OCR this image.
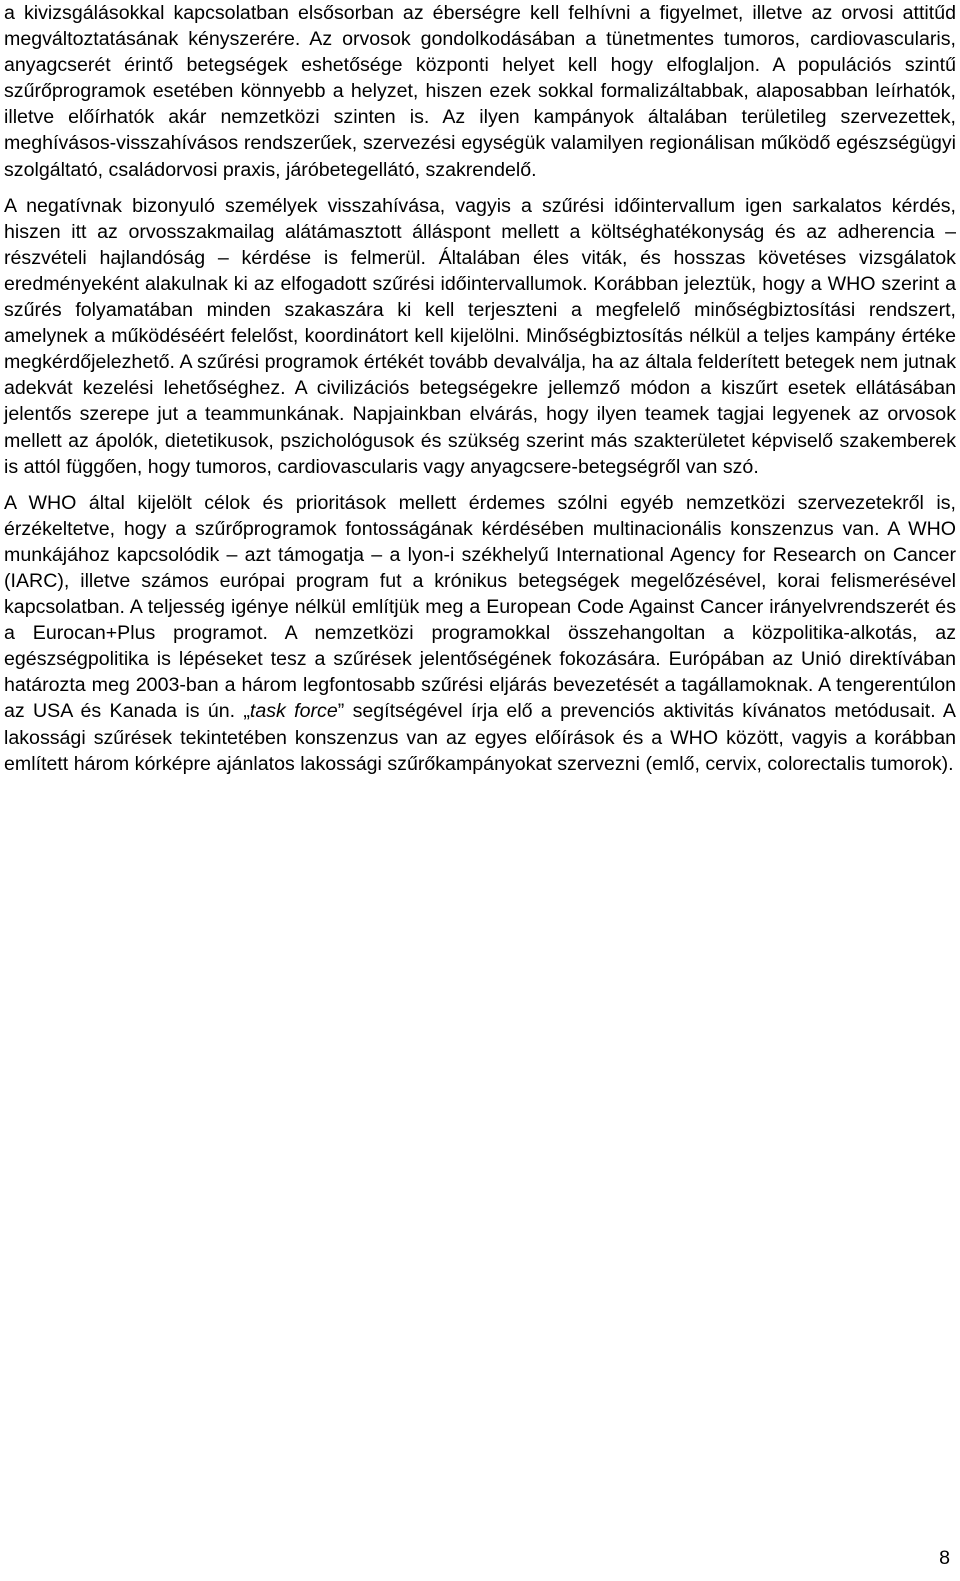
a kivizsgálásokkal kapcsolatban elsősorban az éberségre kell felhívni a figyelmet, illetve az orvosi attitűd megváltoztatásának kényszerére. Az orvosok gondolkodásában a tünetmentes tumoros, cardiovascularis, anyagcserét érintő betegségek eshetősége központi helyet kell hogy elfoglaljon. A populációs szintű szűrőprogramok esetében könnyebb a helyzet, hiszen ezek sokkal formalizáltabbak, alaposabban leírhatók, illetve előírhatók akár nemzetközi szinten is. Az ilyen kampányok általában területileg szervezettek, meghívásos-visszahívásos rendszerűek, szervezési egységük valamilyen regionálisan működő egészségügyi szolgáltató, családorvosi praxis, járóbetegellátó, szakrendelő.

A negatívnak bizonyuló személyek visszahívása, vagyis a szűrési időintervallum igen sarkalatos kérdés, hiszen itt az orvosszakmailag alátámasztott álláspont mellett a költséghatékonyság és az adherencia – részvételi hajlandóság – kérdése is felmerül. Általában éles viták, és hosszas követéses vizsgálatok eredményeként alakulnak ki az elfogadott szűrési időintervallumok. Korábban jeleztük, hogy a WHO szerint a szűrés folyamatában minden szakaszára ki kell terjeszteni a megfelelő minőségbiztosítási rendszert, amelynek a működéséért felelőst, koordinátort kell kijelölni. Minőségbiztosítás nélkül a teljes kampány értéke megkérdőjelezhető. A szűrési programok értékét tovább devalválja, ha az általa felderített betegek nem jutnak adekvát kezelési lehetőséghez. A civilizációs betegségekre jellemző módon a kiszűrt esetek ellátásában jelentős szerepe jut a teammunkának. Napjainkban elvárás, hogy ilyen teamek tagjai legyenek az orvosok mellett az ápolók, dietetikusok, pszichológusok és szükség szerint más szakterületet képviselő szakemberek is attól függően, hogy tumoros, cardiovascularis vagy anyagcsere-betegségről van szó.

A WHO által kijelölt célok és prioritások mellett érdemes szólni egyéb nemzetközi szervezetekről is, érzékeltetve, hogy a szűrőprogramok fontosságának kérdésében multinacionális konszenzus van. A WHO munkájához kapcsolódik – azt támogatja – a lyon-i székhelyű International Agency for Research on Cancer (IARC), illetve számos európai program fut a krónikus betegségek megelőzésével, korai felismerésével kapcsolatban. A teljesség igénye nélkül említjük meg a European Code Against Cancer irányelvrendszerét és a Eurocan+Plus programot. A nemzetközi programokkal összehangoltan a közpolitika-alkotás, az egészségpolitika is lépéseket tesz a szűrések jelentőségének fokozására. Európában az Unió direktívában határozta meg 2003-ban a három legfontosabb szűrési eljárás bevezetését a tagállamoknak. A tengerentúlon az USA és Kanada is ún. „task force” segítségével írja elő a prevenciós aktivitás kívánatos metódusait. A lakossági szűrések tekintetében konszenzus van az egyes előírások és a WHO között, vagyis a korábban említett három kórképre ajánlatos lakossági szűrőkampányokat szervezni (emlő, cervix, colorectalis tumorok).

8
